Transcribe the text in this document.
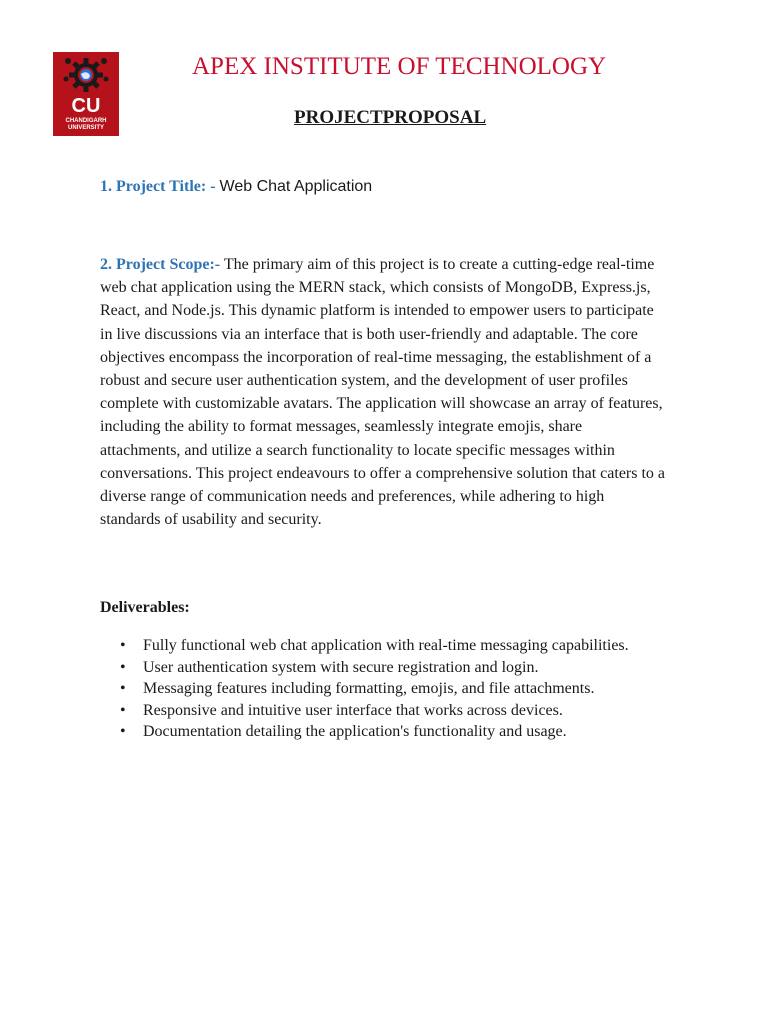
CU
CHANDIGARH
UNIVERSITY
APEX INSTITUTE OF TECHNOLOGY
PROJECTPROPOSAL
1. Project Title: - Web Chat Application

2. Project Scope:- The primary aim of this project is to create a cutting-edge real-time web chat application using the MERN stack, which consists of MongoDB, Express.js, React, and Node.js. This dynamic platform is intended to empower users to participate in live discussions via an interface that is both user-friendly and adaptable. The core objectives encompass the incorporation of real-time messaging, the establishment of a robust and secure user authentication system, and the development of user profiles complete with customizable avatars. The application will showcase an array of features, including the ability to format messages, seamlessly integrate emojis, share attachments, and utilize a search functionality to locate specific messages within conversations. This project endeavours to offer a comprehensive solution that caters to a diverse range of communication needs and preferences, while adhering to high standards of usability and security.

Deliverables:
• Fully functional web chat application with real-time messaging capabilities.
• User authentication system with secure registration and login.
• Messaging features including formatting, emojis, and file attachments.
• Responsive and intuitive user interface that works across devices.
• Documentation detailing the application's functionality and usage.
